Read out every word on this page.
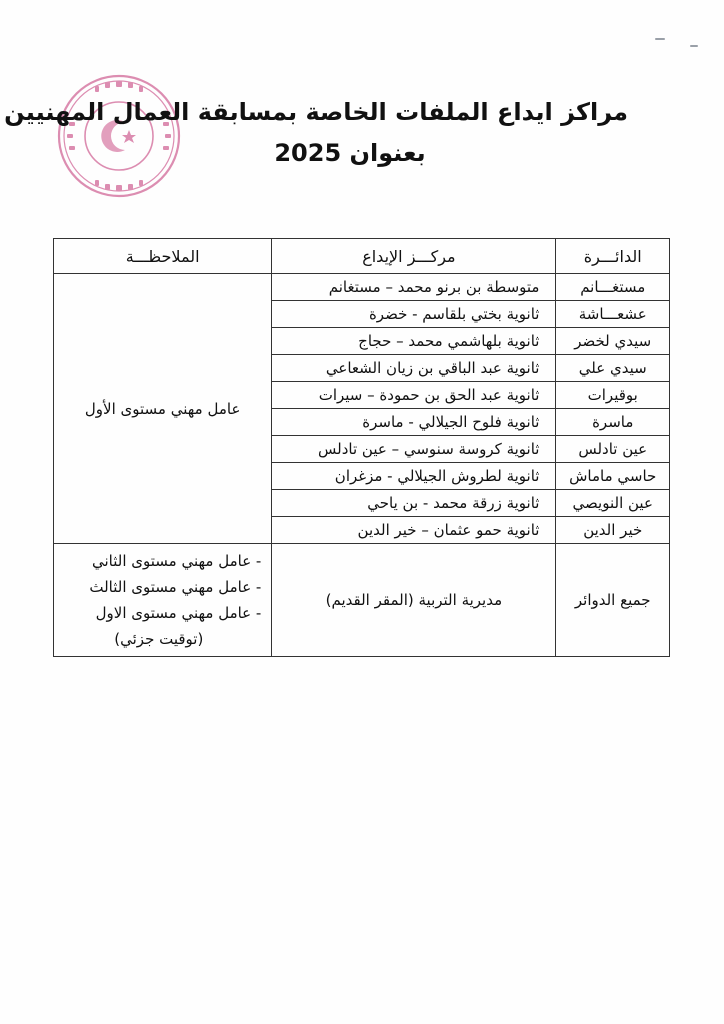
مراكز ايداع الملفات الخاصة بمسابقة العمال المهنيين
بعنوان 2025
الدائـــرة	مركـــز الإيداع	الملاحظـــة
مستغـــانم	متوسطة بن برنو محمد – مستغانم	عامل مهني مستوى الأول
عشعـــاشة	ثانوية بختي بلقاسم - خضرة	
سيدي لخضر	ثانوية بلهاشمي محمد – حجاج	
سيدي علي	ثانوية عبد الباقي بن زيان الشعاعي	
بوقيرات	ثانوية عبد الحق بن حمودة – سيرات	
ماسرة	ثانوية فلوح الجيلالي - ماسرة	
عين تادلس	ثانوية كروسة سنوسي – عين تادلس	
حاسي ماماش	ثانوية لطروش الجيلالي - مزغران	
عين النويصي	ثانوية زرقة محمد - بن ياحي	
خير الدين	ثانوية حمو عثمان – خير الدين	
جميع الدوائر	مديرية التربية (المقر القديم)	- عامل مهني مستوى الثاني
- عامل مهني مستوى الثالث
- عامل مهني مستوى الاول
(توقيت جزئي)
